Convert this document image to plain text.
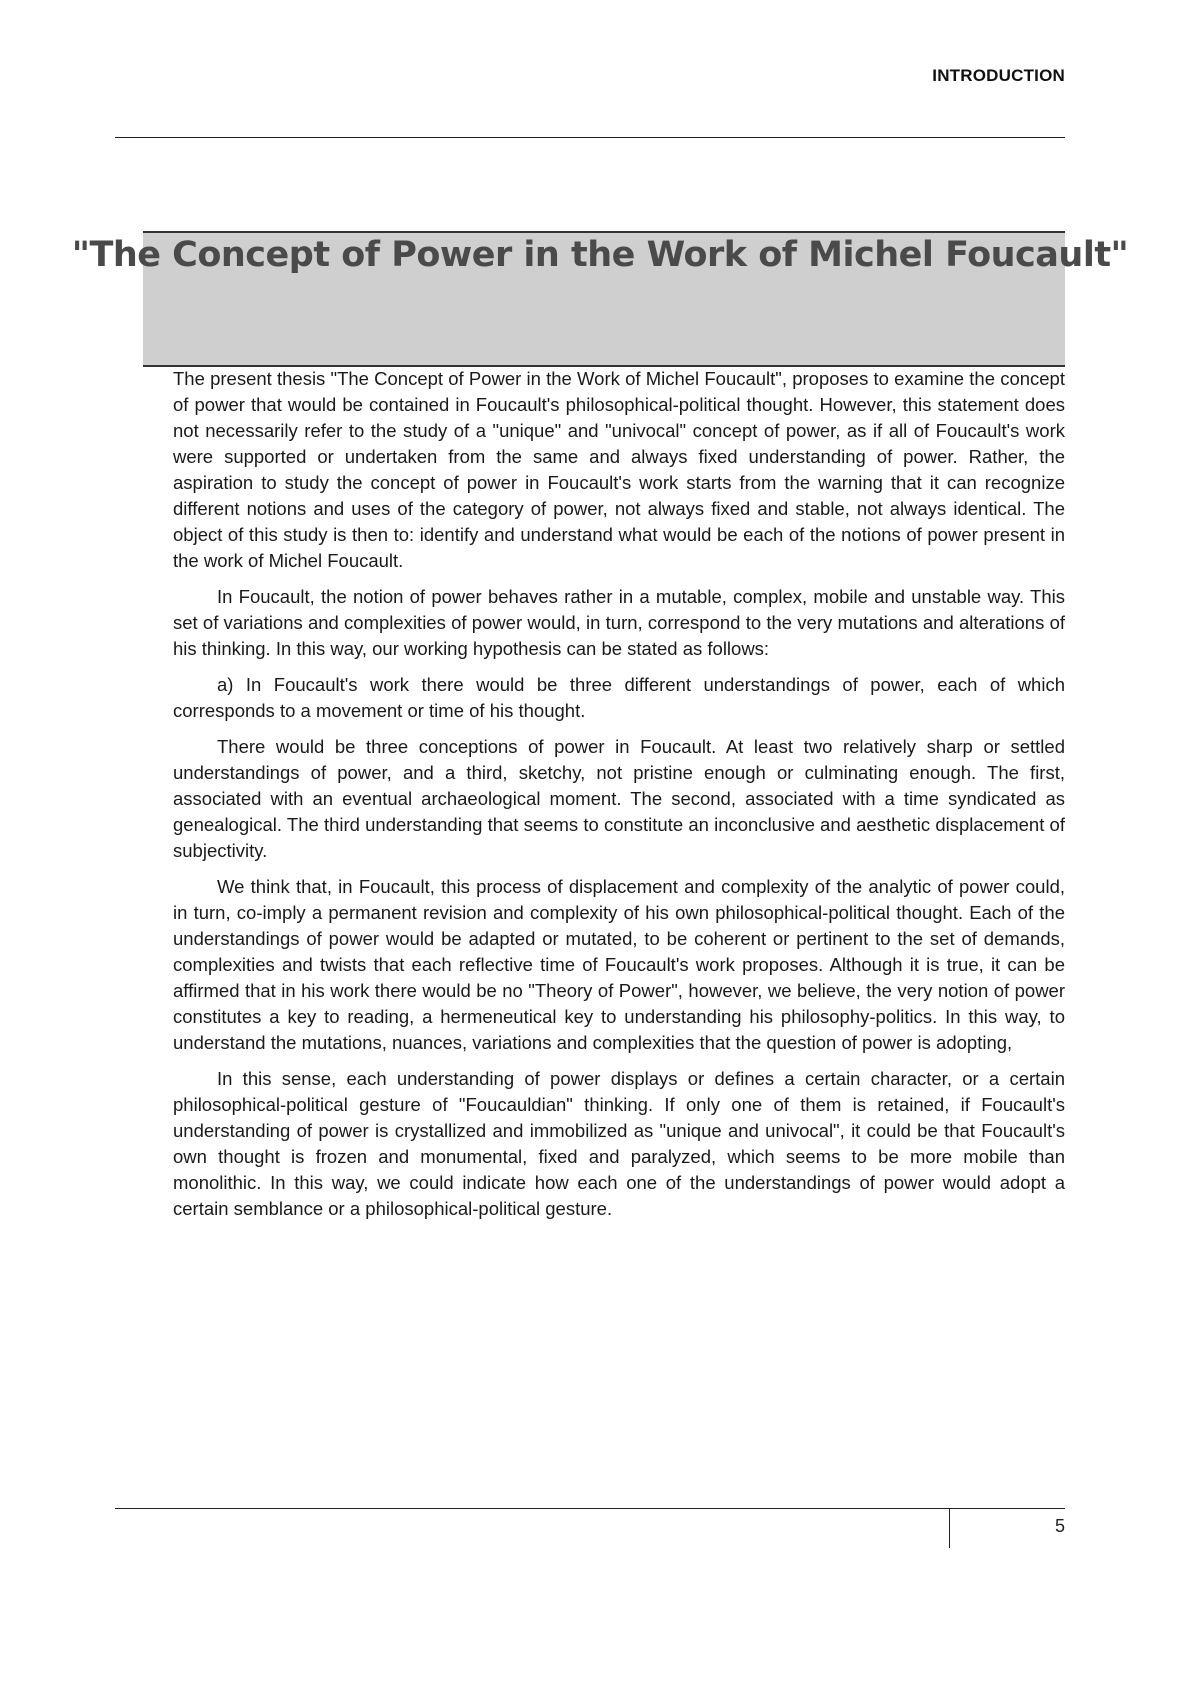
INTRODUCTION
"The Concept of Power in the Work of Michel Foucault"

The present thesis "The Concept of Power in the Work of Michel Foucault", proposes to examine the concept of power that would be contained in Foucault's philosophical-political thought. However, this statement does not necessarily refer to the study of a "unique" and "univocal" concept of power, as if all of Foucault's work were supported or undertaken from the same and always fixed understanding of power. Rather, the aspiration to study the concept of power in Foucault's work starts from the warning that it can recognize different notions and uses of the category of power, not always fixed and stable, not always identical. The object of this study is then to: identify and understand what would be each of the notions of power present in the work of Michel Foucault.

In Foucault, the notion of power behaves rather in a mutable, complex, mobile and unstable way. This set of variations and complexities of power would, in turn, correspond to the very mutations and alterations of his thinking. In this way, our working hypothesis can be stated as follows:

a) In Foucault's work there would be three different understandings of power, each of which corresponds to a movement or time of his thought.

There would be three conceptions of power in Foucault. At least two relatively sharp or settled understandings of power, and a third, sketchy, not pristine enough or culminating enough. The first, associated with an eventual archaeological moment. The second, associated with a time syndicated as genealogical. The third understanding that seems to constitute an inconclusive and aesthetic displacement of subjectivity.

We think that, in Foucault, this process of displacement and complexity of the analytic of power could, in turn, co-imply a permanent revision and complexity of his own philosophical-political thought. Each of the understandings of power would be adapted or mutated, to be coherent or pertinent to the set of demands, complexities and twists that each reflective time of Foucault's work proposes. Although it is true, it can be affirmed that in his work there would be no "Theory of Power", however, we believe, the very notion of power constitutes a key to reading, a hermeneutical key to understanding his philosophy-politics. In this way, to understand the mutations, nuances, variations and complexities that the question of power is adopting,

In this sense, each understanding of power displays or defines a certain character, or a certain philosophical-political gesture of "Foucauldian" thinking. If only one of them is retained, if Foucault's understanding of power is crystallized and immobilized as "unique and univocal", it could be that Foucault's own thought is frozen and monumental, fixed and paralyzed, which seems to be more mobile than monolithic. In this way, we could indicate how each one of the understandings of power would adopt a certain semblance or a philosophical-political gesture.

5
